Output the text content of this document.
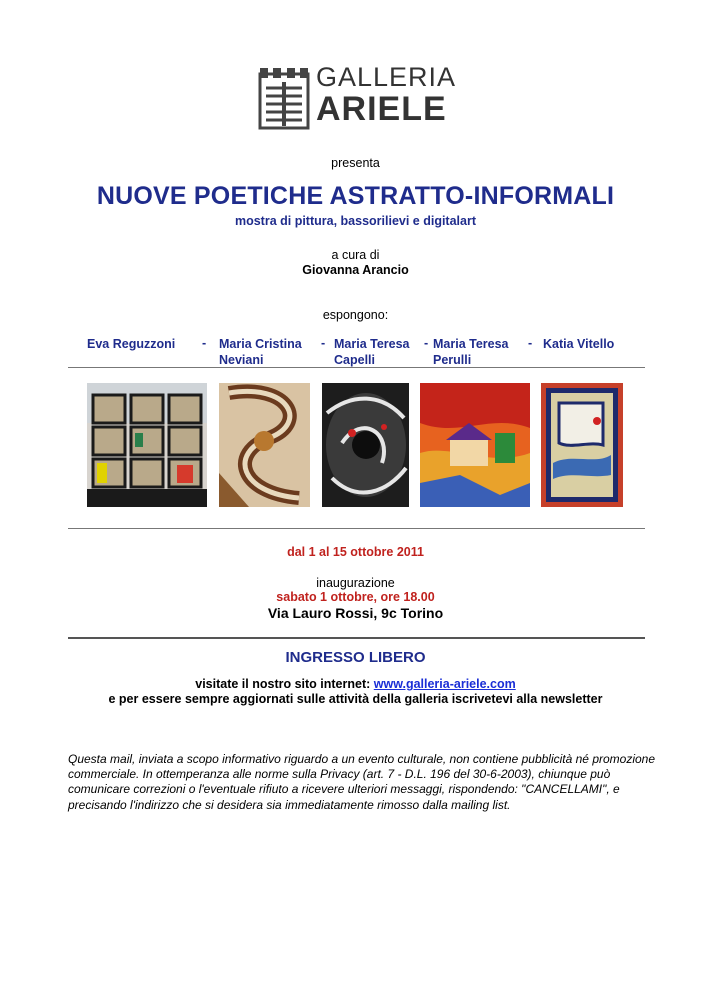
GALLERIA
ARIELE
presenta
NUOVE POETICHE ASTRATTO-INFORMALI
mostra di pittura, bassorilievi e digitalart
a cura di
Giovanna Arancio
espongono:
Eva Reguzzoni - Maria Cristina
Neviani
- Maria Teresa
Capelli
- Maria Teresa
Perulli
- Katia Vitello
dal 1 al 15 ottobre 2011
inaugurazione
sabato 1 ottobre, ore 18.00
Via Lauro Rossi, 9c Torino
INGRESSO LIBERO
visitate il nostro sito internet: www.galleria-ariele.com
e per essere sempre aggiornati sulle attività della galleria iscrivetevi alla newsletter
Questa mail, inviata a scopo informativo riguardo a un evento culturale, non contiene pubblicità né promozione commerciale. In ottemperanza alle norme sulla Privacy (art. 7 - D.L. 196 del 30-6-2003), chiunque può comunicare correzioni o l'eventuale rifiuto a ricevere ulteriori messaggi, rispondendo: "CANCELLAMI", e precisando l'indirizzo che si desidera sia immediatamente rimosso dalla mailing list.
